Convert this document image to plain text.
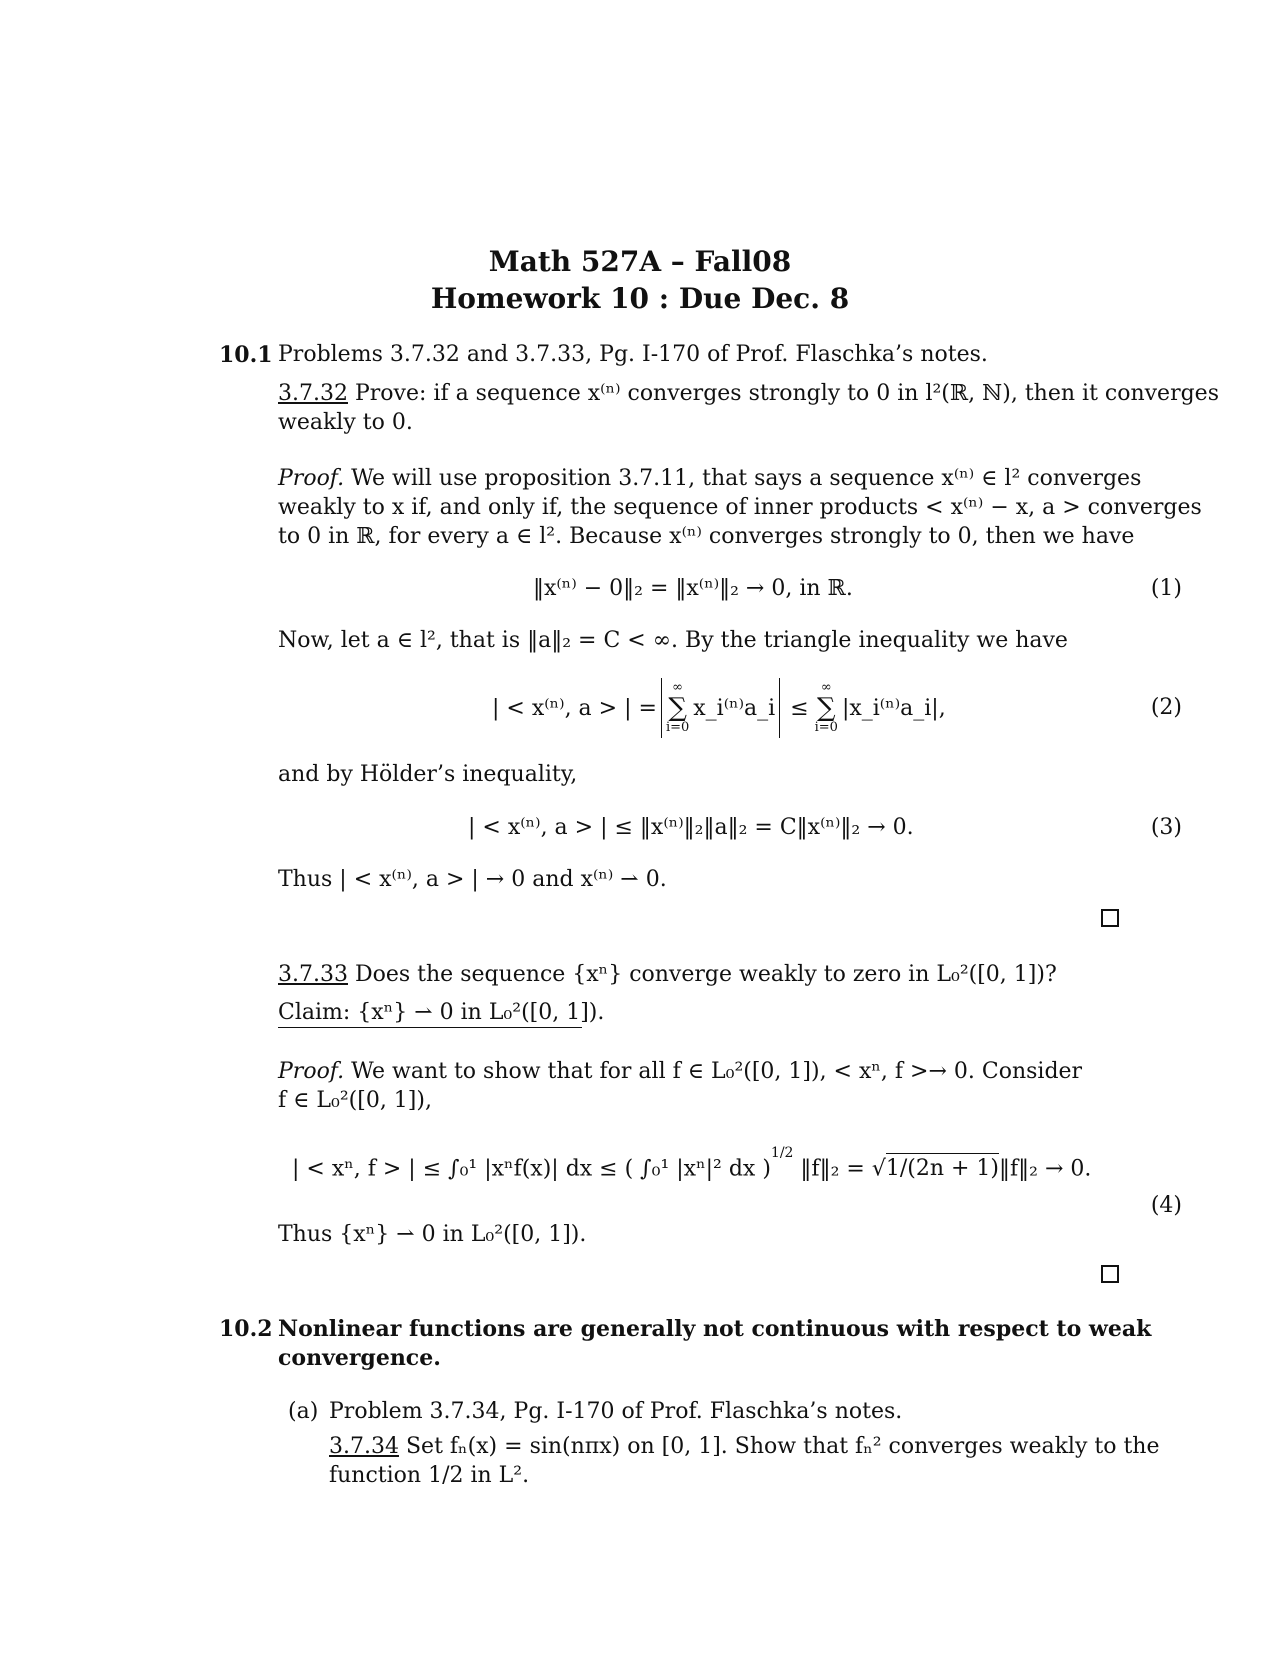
Math 527A – Fall08
Homework 10 : Due Dec. 8
10.1 Problems 3.7.32 and 3.7.33, Pg. I-170 of Prof. Flaschka’s notes.
3.7.32 Prove: if a sequence x⁽ⁿ⁾ converges strongly to 0 in l²(ℝ, ℕ), then it converges
weakly to 0.
Proof. We will use proposition 3.7.11, that says a sequence x⁽ⁿ⁾ ∈ l² converges
weakly to x if, and only if, the sequence of inner products < x⁽ⁿ⁾ − x, a > converges
to 0 in ℝ, for every a ∈ l². Because x⁽ⁿ⁾ converges strongly to 0, then we have
‖x⁽ⁿ⁾ − 0‖₂ = ‖x⁽ⁿ⁾‖₂ → 0, in ℝ.	(1)
Now, let a ∈ l², that is ‖a‖₂ = C < ∞. By the triangle inequality we have
| < x⁽ⁿ⁾, a > | =
∞
∑
i=0
x_i⁽ⁿ⁾a_i ≤
∞
∑
i=0
|x_i⁽ⁿ⁾a_i|,	(2)
and by Hölder’s inequality,
| < x⁽ⁿ⁾, a > | ≤ ‖x⁽ⁿ⁾‖₂‖a‖₂ = C‖x⁽ⁿ⁾‖₂ → 0.	(3)
Thus | < x⁽ⁿ⁾, a > | → 0 and x⁽ⁿ⁾ ⇀ 0.
3.7.33 Does the sequence {xⁿ} converge weakly to zero in L₀²([0, 1])?
Claim: {xⁿ} ⇀ 0 in L₀²([0, 1]).
Proof. We want to show that for all f ∈ L₀²([0, 1]), < xⁿ, f >→ 0. Consider
f ∈ L₀²([0, 1]),
| < xⁿ, f > | ≤ ∫₀¹ |xⁿf(x)| dx ≤ ( ∫₀¹ |xⁿ|² dx )$^{1/2}$ ‖f‖₂ = √1/(2n + 1)‖f‖₂ → 0.
(4)
Thus {xⁿ} ⇀ 0 in L₀²([0, 1]).
10.2 Nonlinear functions are generally not continuous with respect to weak
convergence.
(a) Problem 3.7.34, Pg. I-170 of Prof. Flaschka’s notes.
3.7.34 Set fₙ(x) = sin(nπx) on [0, 1]. Show that fₙ² converges weakly to the
function 1/2 in L².
